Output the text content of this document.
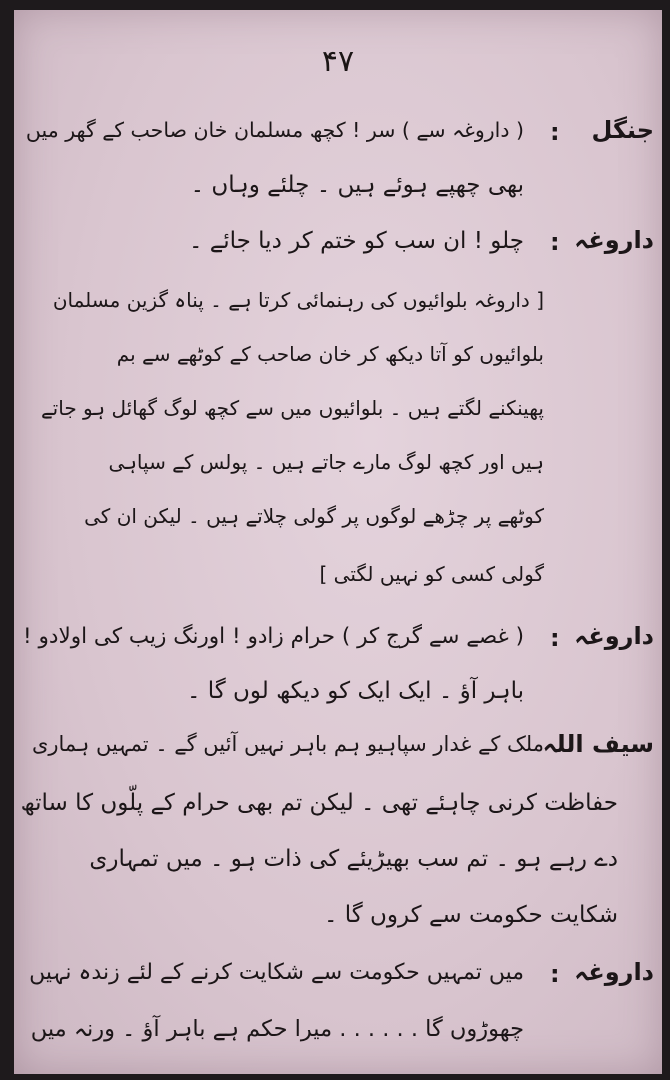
۴۷
جنگل
:
( داروغہ سے ) سر ! کچھ مسلمان خان صاحب کے گھر میں
بھی چھپے ہوئے ہیں ۔ چلئے وہاں ۔
داروغہ
:
چلو ! ان سب کو ختم کر دیا جائے ۔
[ داروغہ بلوائیوں کی رہنمائی کرتا ہے ۔ پناہ گزین مسلمان
بلوائیوں کو آتا دیکھ کر خان صاحب کے کوٹھے سے بم
پھینکنے لگتے ہیں ۔ بلوائیوں میں سے کچھ لوگ گھائل ہو جاتے
ہیں اور کچھ لوگ مارے جاتے ہیں ۔ پولس کے سپاہی
کوٹھے پر چڑھے لوگوں پر گولی چلاتے ہیں ۔ لیکن ان کی
گولی کسی کو نہیں لگتی ]
داروغہ
:
( غصے سے گرج کر ) حرام زادو ! اورنگ زیب کی اولادو !
باہر آؤ ۔ ایک ایک کو دیکھ لوں گا ۔
سیف اللہ
ملک کے غدار سپاہیو ہم باہر نہیں آئیں گے ۔ تمہیں ہماری
حفاظت کرنی چاہئے تھی ۔ لیکن تم بھی حرام کے پلّوں کا ساتھ
دے رہے ہو ۔ تم سب بھیڑیئے کی ذات ہو ۔ میں تمہاری
شکایت حکومت سے کروں گا ۔
داروغہ
:
میں تمہیں حکومت سے شکایت کرنے کے لئے زندہ نہیں
چھوڑوں گا . . . . . . میرا حکم ہے باہر آؤ ۔ ورنہ میں
